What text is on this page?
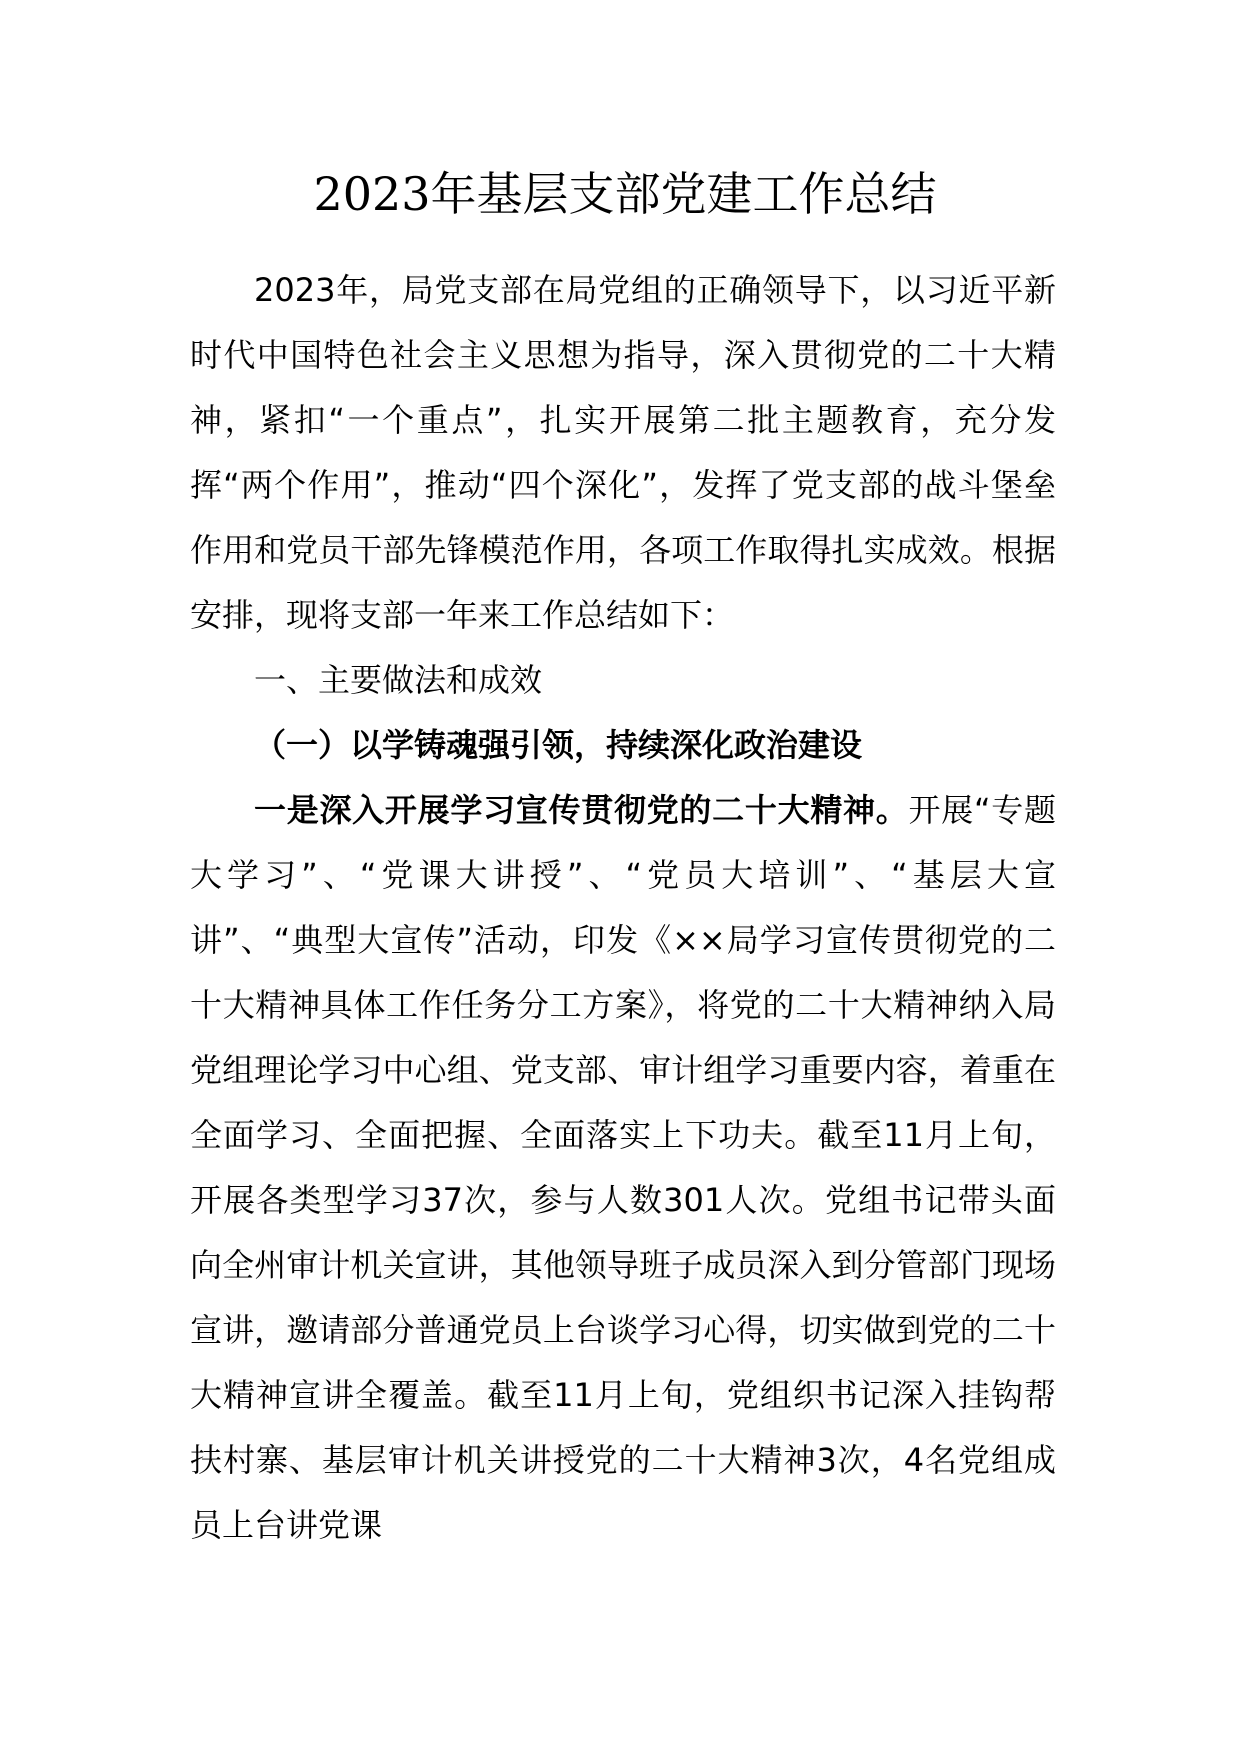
2023年基层支部党建工作总结

2023年，局党支部在局党组的正确领导下，以习近平新时代中国特色社会主义思想为指导，深入贯彻党的二十大精神，紧扣“一个重点”，扎实开展第二批主题教育，充分发挥“两个作用”，推动“四个深化”，发挥了党支部的战斗堡垒作用和党员干部先锋模范作用，各项工作取得扎实成效。根据安排，现将支部一年来工作总结如下：

一、主要做法和成效

（一）以学铸魂强引领，持续深化政治建设

一是深入开展学习宣传贯彻党的二十大精神。开展“专题大学习”、“党课大讲授”、“党员大培训”、“基层大宣讲”、“典型大宣传”活动，印发《××局学习宣传贯彻党的二十大精神具体工作任务分工方案》，将党的二十大精神纳入局党组理论学习中心组、党支部、审计组学习重要内容，着重在全面学习、全面把握、全面落实上下功夫。截至11月上旬，开展各类型学习37次，参与人数301人次。党组书记带头面向全州审计机关宣讲，其他领导班子成员深入到分管部门现场宣讲，邀请部分普通党员上台谈学习心得，切实做到党的二十大精神宣讲全覆盖。截至11月上旬，党组织书记深入挂钩帮扶村寨、基层审计机关讲授党的二十大精神3次，4名党组成员上台讲党课
